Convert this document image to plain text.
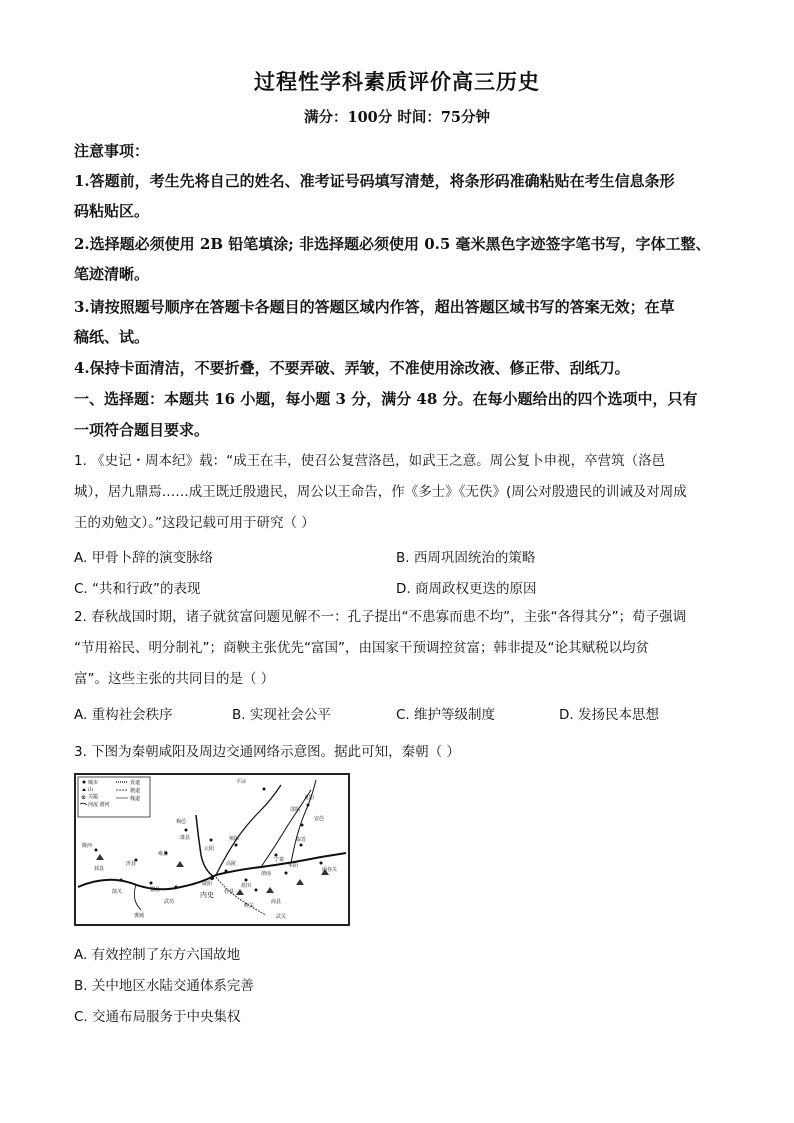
过程性学科素质评价高三历史
满分：100分 时间：75分钟
注意事项：
1.答题前，考生先将自己的姓名、准考证号码填写清楚，将条形码准确粘贴在考生信息条形
码粘贴区。
2.选择题必须使用 2B 铅笔填涂; 非选择题必须使用 0.5 毫米黑色字迹签字笔书写，字体工整、
笔迹清晰。
3.请按照题号顺序在答题卡各题目的答题区域内作答，超出答题区域书写的答案无效；在草
稿纸、试。
4.保持卡面清洁，不要折叠，不要弄破、弄皱，不准使用涂改液、修正带、刮纸刀。
一、选择题：本题共 16 小题，每小题 3 分，满分 48 分。在每小题给出的四个选项中，只有
一项符合题目要求。
1. 《史记・周本纪》载：“成王在丰，使召公复营洛邑，如武王之意。周公复卜申视，卒营筑（洛邑
城），居九鼎焉……成王既迁殷遗民，周公以王命告，作《多士》《无佚》(周公对殷遗民的训诫及对周成
王的劝勉文）。”这段记载可用于研究（ ）
A. 甲骨卜辞的演变脉络	B. 西周巩固统治的策略
C. “共和行政”的表现	D. 商周政权更迭的原因
2. 春秋战国时期，诸子就贫富问题见解不一：孔子提出“不患寡而患不均”，主张“各得其分”；荀子强调
“节用裕民、明分制礼”；商鞅主张优先“富国”，由国家干预调控贫富；韩非提及“论其赋税以均贫
富”。这些主张的共同目的是（ ）
A. 重构社会秩序	B. 实现社会公平	C. 维护等级制度	D. 发扬民本思想
3. 下图为秦朝咸阳及周边交通网络示意图。据此可知，秦朝（ ）
城市
山
※ 关隘
河流 渭河
直道
驰道
栈道
陇西
邽县
散关
栒邑
云阳
平凉
频阳
咸阳
内史
高陵
蓝田
武功
杜县
郿县
汧县
雍县
临晋
华阴
渭南
安邑
夏阳
郃阳
宁秦
函谷关
商县
武关
峣关
漆县
褒城
A. 有效控制了东方六国故地
B. 关中地区水陆交通体系完善
C. 交通布局服务于中央集权
